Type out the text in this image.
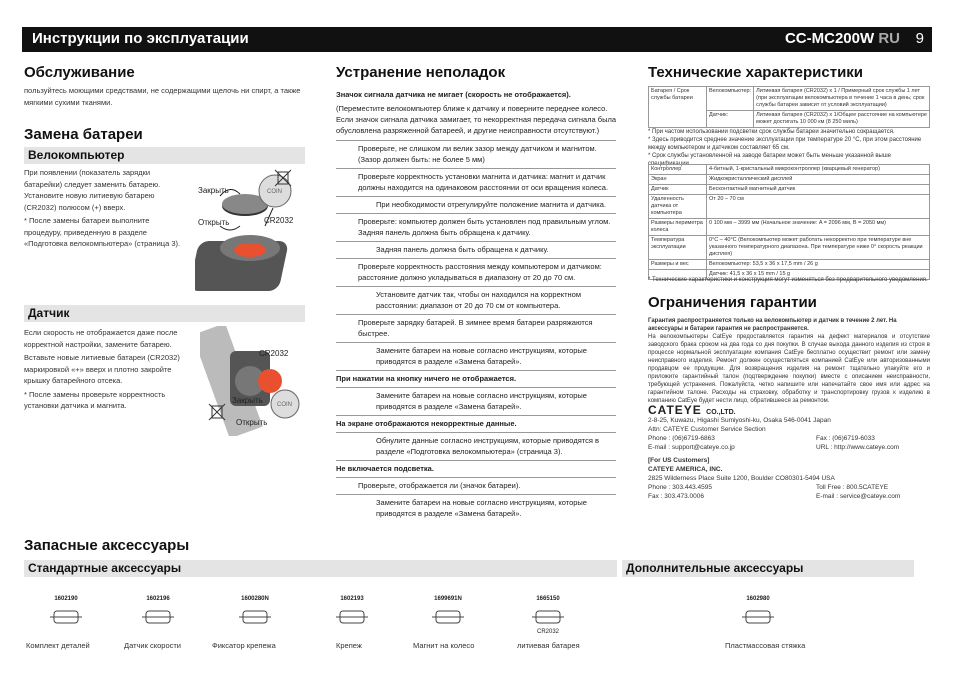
Инструкции по эксплуатации	CC-MC200W RU 9
Обслуживание
пользуйтесь моющими средствами, не содержащими щелочь ни спирт, а также мягкими сухими тканями.
Замена батареи
Велокомпьютер

При появлении (показатель зарядки батарейки) следует заменить батарею. Установите новую литиевую батарею (CR2032) полюсом (+) вверх.

* После замены батареи выполните процедуру, приведенную в разделе «Подготовка велокомпьютера» (страница 3).

COIN
Закрыть
Открыть	CR2032
Датчик

Если скорость не отображается даже после корректной настройки, замените батарею.

Вставьте новые литиевые батареи (CR2032) маркировкой «+» вверх и плотно закройте крышку батарейного отсека.

* После замены проверьте корректность установки датчика и магнита.	COIN
CR2032
Закрыть
Открыть
Устранение неполадок
Значок сигнала датчика не мигает (скорость не отображается).
(Переместите велокомпьютер ближе к датчику и поверните переднее колесо. Если значок сигнала датчика замигает, то некорректная передача сигнала была обусловлена разряженной батареей, и другие неисправности отсутствуют.)
Проверьте, не слишком ли велик зазор между датчиком и магнитом. (Зазор должен быть: не более 5 мм)
Проверьте корректность установки магнита и датчика: магнит и датчик должны находится на одинаковом расстоянии от оси вращения колеса.
При необходимости отрегулируйте положение магнита и датчика.
Проверьте: компьютер должен быть установлен под правильным углом. Задняя панель должна быть обращена к датчику.
Задняя панель должна быть обращена к датчику.
Проверьте корректность расстояния между компьютером и датчиком: расстояние должно укладываться в диапазону от 20 до 70 см.
Установите датчик так, чтобы он находился на корректном расстоянии: диапазон от 20 до 70 см от компьютера.
Проверьте зарядку батарей. В зимнее время батареи разряжаются быстрее.
Замените батареи на новые согласно инструкциям, которые приводятся в разделе «Замена батарей».
При нажатии на кнопку ничего не отображается.
Замените батареи на новые согласно инструкциям, которые приводятся в разделе «Замена батарей».
На экране отображаются некорректные данные.
Обнулите данные согласно инструкциям, которые приводятся в разделе «Подготовка велокомпьютера» (страница 3).
Не включается подсветка.
Проверьте, отображается ли (значок батареи).
Замените батареи на новые согласно инструкциям, которые приводятся в разделе «Замена батарей».
Технические характеристики
Батарея / Срок службы батареи	Велокомпьютер:	Литиевая батарея (CR2032) x 1 / Примерный срок службы 1 лет (при эксплуатации велокомпьютера в течение 1 часа в день; срок службы батареи зависит от условий эксплуатации)
	Датчик:	Литиевая батарея (CR2032) x 1/Общее расстояние на компьютере может достигать 10 000 км (8 250 миль)
* При частом использовании подсветки срок службы батареи значительно сокращается.
* Здесь приводится среднее значение эксплуатации при температуре 20 °C, при этом расстояние между компьютером и датчиком составляет 65 см.
* Срок службы установленной на заводе батареи может быть меньше указанной выше спецификации.
Контроллер	4-битный, 1-кристальный микроконтроллер (кварцевый генератор)
Экран	Жидкокристаллический дисплей
Датчик	Бесконтактный магнитный датчик
Удаленность датчика от компьютера	От 20 – 70 см
Размеры периметра колеса	0 100 мм – 3999 мм (Начальное значение: A = 2096 мм, B = 2050 мм)
Температура эксплуатации	0°C – 40°C (Велокомпьютер может работать некорректно при температуре вне указанного температурного диапазона. При температуре ниже 0° скорость реакции дисплея)
Размеры и вес	Велокомпьютер: 53,5 x 36 x 17,5 mm / 26 g
	Датчик: 41,5 x 36 x 15 mm / 15 g
* Технические характеристики и конструкция могут изменяться без предварительного уведомления.
Ограничения гарантии
Гарантия распространяется только на велокомпьютер и датчик в течение 2 лет. На аксессуары и батареи гарантия не распространяется.
На велокомпьютеры CatEye предоставляется гарантия на дефект материалов и отсутствие заводского брака сроком на два года со дня покупки. В случае выхода данного изделия из строя в процессе нормальной эксплуатации компания CatEye бесплатно осуществит ремонт или замену неисправного изделия. Ремонт должен осуществляться компанией CatEye или авторизованными продавцом ее продукции. Для возвращения изделия на ремонт тщательно упакуйте его и приложите гарантийный талон (подтверждение покупки) вместе с описанием неисправности, требующей устранения. Пожалуйста, четко напишите или напечатайте свое имя или адрес на гарантийном талоне. Расходы на страховку, обработку и транспортировку грузов к изделию в компанию CatEye будет нести лицо, обратившееся за ремонтом.
CATEYE CO.,LTD.
2-8-25, Kuwazu, Higashi Sumiyoshi-ku, Osaka 546-0041 Japan
Attn: CATEYE Customer Service Section
Phone : (06)6719-6863	Fax : (06)6719-6033
E-mail : support@cateye.co.jp	URL : http://www.cateye.com
[For US Customers]
CATEYE AMERICA, INC.
2825 Wilderness Place Suite 1200, Boulder CO80301-5494 USA
Phone : 303.443.4595	Toll Free : 800.5CATEYE
Fax : 303.473.0006	E-mail : service@cateye.com
Запасные аксессуары
Стандартные аксессуары	Дополнительные аксессуары
1602190
Комплект деталей
1602196
Датчик скорости
1600280N
Фиксатор крепежа
1602193
Крепеж
1699691N
Магнит на колесо
1665150
CR2032
литиевая батарея
1602980
Пластмассовая стяжка
